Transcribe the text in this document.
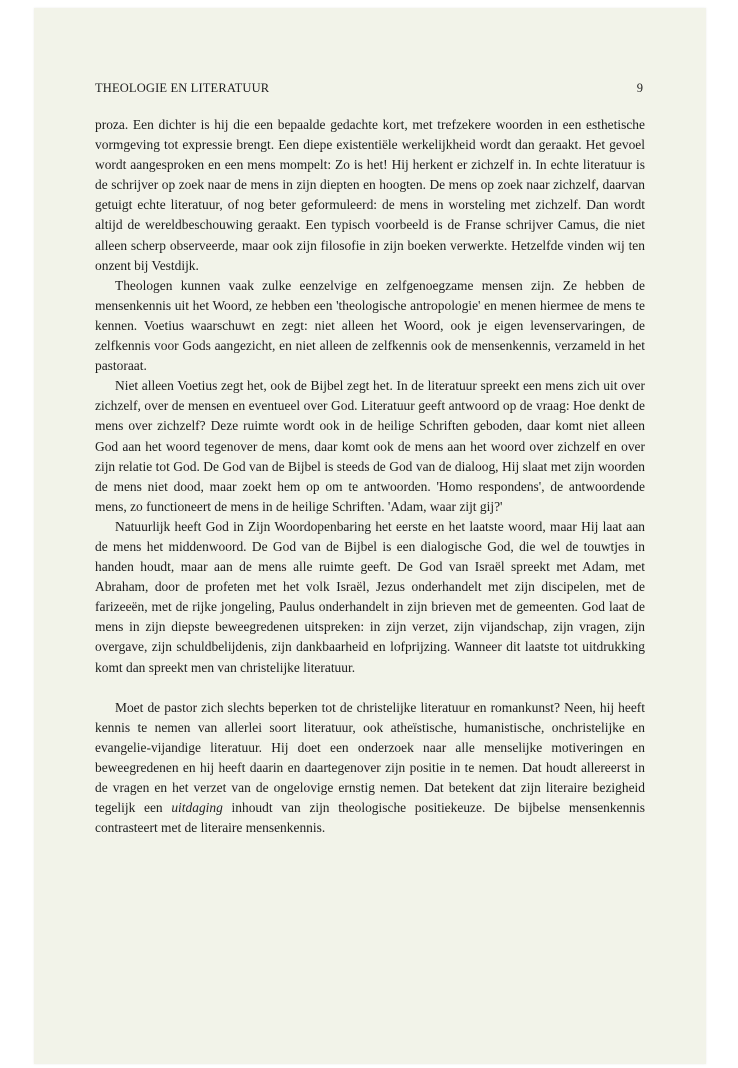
THEOLOGIE EN LITERATUUR	9

proza. Een dichter is hij die een bepaalde gedachte kort, met trefzekere woorden in een esthetische vormgeving tot expressie brengt. Een diepe existentiële werkelijkheid wordt dan geraakt. Het gevoel wordt aangesproken en een mens mompelt: Zo is het! Hij herkent er zichzelf in. In echte literatuur is de schrijver op zoek naar de mens in zijn diepten en hoogten. De mens op zoek naar zichzelf, daarvan getuigt echte literatuur, of nog beter geformuleerd: de mens in worsteling met zichzelf. Dan wordt altijd de wereldbeschouwing geraakt. Een typisch voorbeeld is de Franse schrijver Camus, die niet alleen scherp observeerde, maar ook zijn filosofie in zijn boeken verwerkte. Hetzelfde vinden wij ten onzent bij Vestdijk.

Theologen kunnen vaak zulke eenzelvige en zelfgenoegzame mensen zijn. Ze hebben de mensenkennis uit het Woord, ze hebben een 'theologische antropologie' en menen hiermee de mens te kennen. Voetius waarschuwt en zegt: niet alleen het Woord, ook je eigen levenservaringen, de zelfkennis voor Gods aangezicht, en niet alleen de zelfkennis ook de mensenkennis, verzameld in het pastoraat.

Niet alleen Voetius zegt het, ook de Bijbel zegt het. In de literatuur spreekt een mens zich uit over zichzelf, over de mensen en eventueel over God. Literatuur geeft antwoord op de vraag: Hoe denkt de mens over zichzelf? Deze ruimte wordt ook in de heilige Schriften geboden, daar komt niet alleen God aan het woord tegenover de mens, daar komt ook de mens aan het woord over zichzelf en over zijn relatie tot God. De God van de Bijbel is steeds de God van de dialoog, Hij slaat met zijn woorden de mens niet dood, maar zoekt hem op om te antwoorden. 'Homo respondens', de antwoordende mens, zo functioneert de mens in de heilige Schriften. 'Adam, waar zijt gij?'

Natuurlijk heeft God in Zijn Woordopenbaring het eerste en het laatste woord, maar Hij laat aan de mens het middenwoord. De God van de Bijbel is een dialogische God, die wel de touwtjes in handen houdt, maar aan de mens alle ruimte geeft. De God van Israël spreekt met Adam, met Abraham, door de profeten met het volk Israël, Jezus onderhandelt met zijn discipelen, met de farizeeën, met de rijke jongeling, Paulus onderhandelt in zijn brieven met de gemeenten. God laat de mens in zijn diepste beweegredenen uitspreken: in zijn verzet, zijn vijandschap, zijn vragen, zijn overgave, zijn schuldbelijdenis, zijn dankbaarheid en lofprijzing. Wanneer dit laatste tot uitdrukking komt dan spreekt men van christelijke literatuur.

Moet de pastor zich slechts beperken tot de christelijke literatuur en romankunst? Neen, hij heeft kennis te nemen van allerlei soort literatuur, ook atheïstische, humanistische, onchristelijke en evangelie-vijandige literatuur. Hij doet een onderzoek naar alle menselijke motiveringen en beweegredenen en hij heeft daarin en daartegenover zijn positie in te nemen. Dat houdt allereerst in de vragen en het verzet van de ongelovige ernstig nemen. Dat betekent dat zijn literaire bezigheid tegelijk een uitdaging inhoudt van zijn theologische positiekeuze. De bijbelse mensenkennis contrasteert met de literaire mensenkennis.
